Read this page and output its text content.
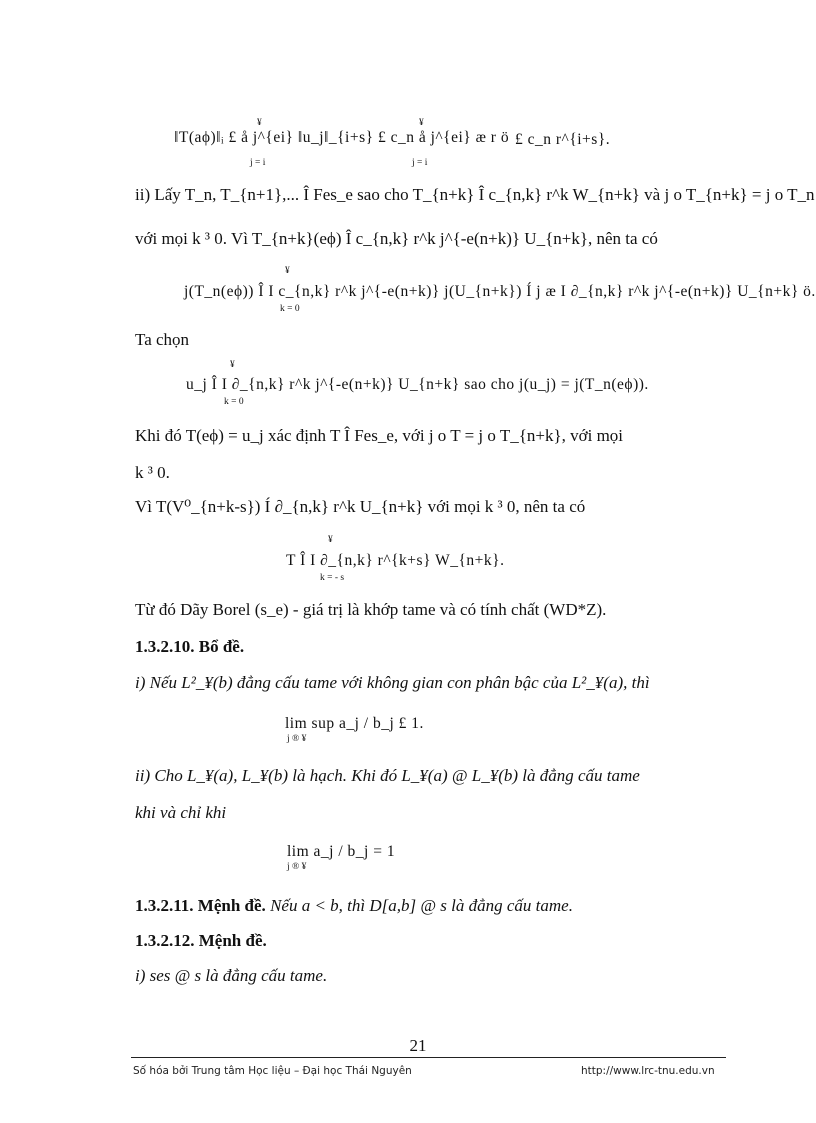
‖T(aϕ)‖ᵢ £ å j^{ei} ‖u_j‖_{i+s} £ c_n å j^{ei} æ r ö
¥
j = i
¥
j = i
£ c_n r^{i+s}.
ii) Lấy T_n, T_{n+1},... Î Fes_e sao cho T_{n+k} Î c_{n,k} r^k W_{n+k} và j o T_{n+k} = j o T_n
với mọi k ³ 0. Vì T_{n+k}(eϕ) Î c_{n,k} r^k j^{-e(n+k)} U_{n+k}, nên ta có
j(T_n(eϕ)) Î I c_{n,k} r^k j^{-e(n+k)} j(U_{n+k}) Í j æ I ∂_{n,k} r^k j^{-e(n+k)} U_{n+k} ö.
¥
k = 0
Ta chọn
u_j Î I ∂_{n,k} r^k j^{-e(n+k)} U_{n+k} sao cho j(u_j) = j(T_n(eϕ)).
¥
k = 0
Khi đó T(eϕ) = u_j xác định T Î Fes_e, với j o T = j o T_{n+k}, với mọi
k ³ 0.
Vì T(V⁰_{n+k-s}) Í ∂_{n,k} r^k U_{n+k} với mọi k ³ 0, nên ta có
T Î I ∂_{n,k} r^{k+s} W_{n+k}.
¥
k = - s
Từ đó Dãy Borel (s_e) - giá trị là khớp tame và có tính chất (WD*Z).
1.3.2.10. Bổ đề.
i) Nếu L²_¥(b) đẳng cấu tame với không gian con phân bậc của L²_¥(a), thì
lim sup a_j / b_j £ 1.
j ® ¥
ii) Cho L_¥(a), L_¥(b) là hạch. Khi đó L_¥(a) @ L_¥(b) là đẳng cấu tame
khi và chỉ khi
lim a_j / b_j = 1
j ® ¥
1.3.2.11. Mệnh đề. Nếu a < b, thì D[a,b] @ s là đẳng cấu tame.
1.3.2.12. Mệnh đề.
i) ses @ s là đẳng cấu tame.
21
Số hóa bởi Trung tâm Học liệu – Đại học Thái Nguyên	http://www.lrc-tnu.edu.vn
